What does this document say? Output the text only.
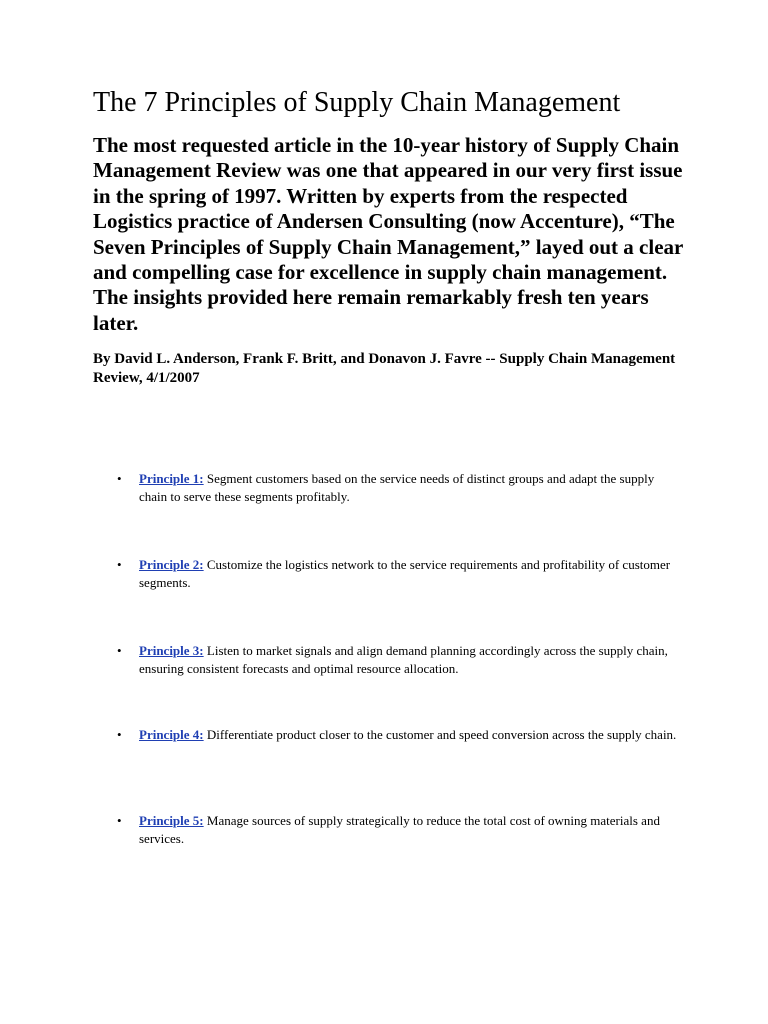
The 7 Principles of Supply Chain Management

The most requested article in the 10-year history of Supply Chain Management Review was one that appeared in our very first issue in the spring of 1997. Written by experts from the respected Logistics practice of Andersen Consulting (now Accenture), “The Seven Principles of Supply Chain Management,” layed out a clear and compelling case for excellence in supply chain management. The insights provided here remain remarkably fresh ten years later.

By David L. Anderson, Frank F. Britt, and Donavon J. Favre -- Supply Chain Management Review, 4/1/2007

• Principle 1: Segment customers based on the service needs of distinct groups and adapt the supply chain to serve these segments profitably.
• Principle 2: Customize the logistics network to the service requirements and profitability of customer segments.
• Principle 3: Listen to market signals and align demand planning accordingly across the supply chain, ensuring consistent forecasts and optimal resource allocation.
• Principle 4: Differentiate product closer to the customer and speed conversion across the supply chain.
• Principle 5: Manage sources of supply strategically to reduce the total cost of owning materials and services.
